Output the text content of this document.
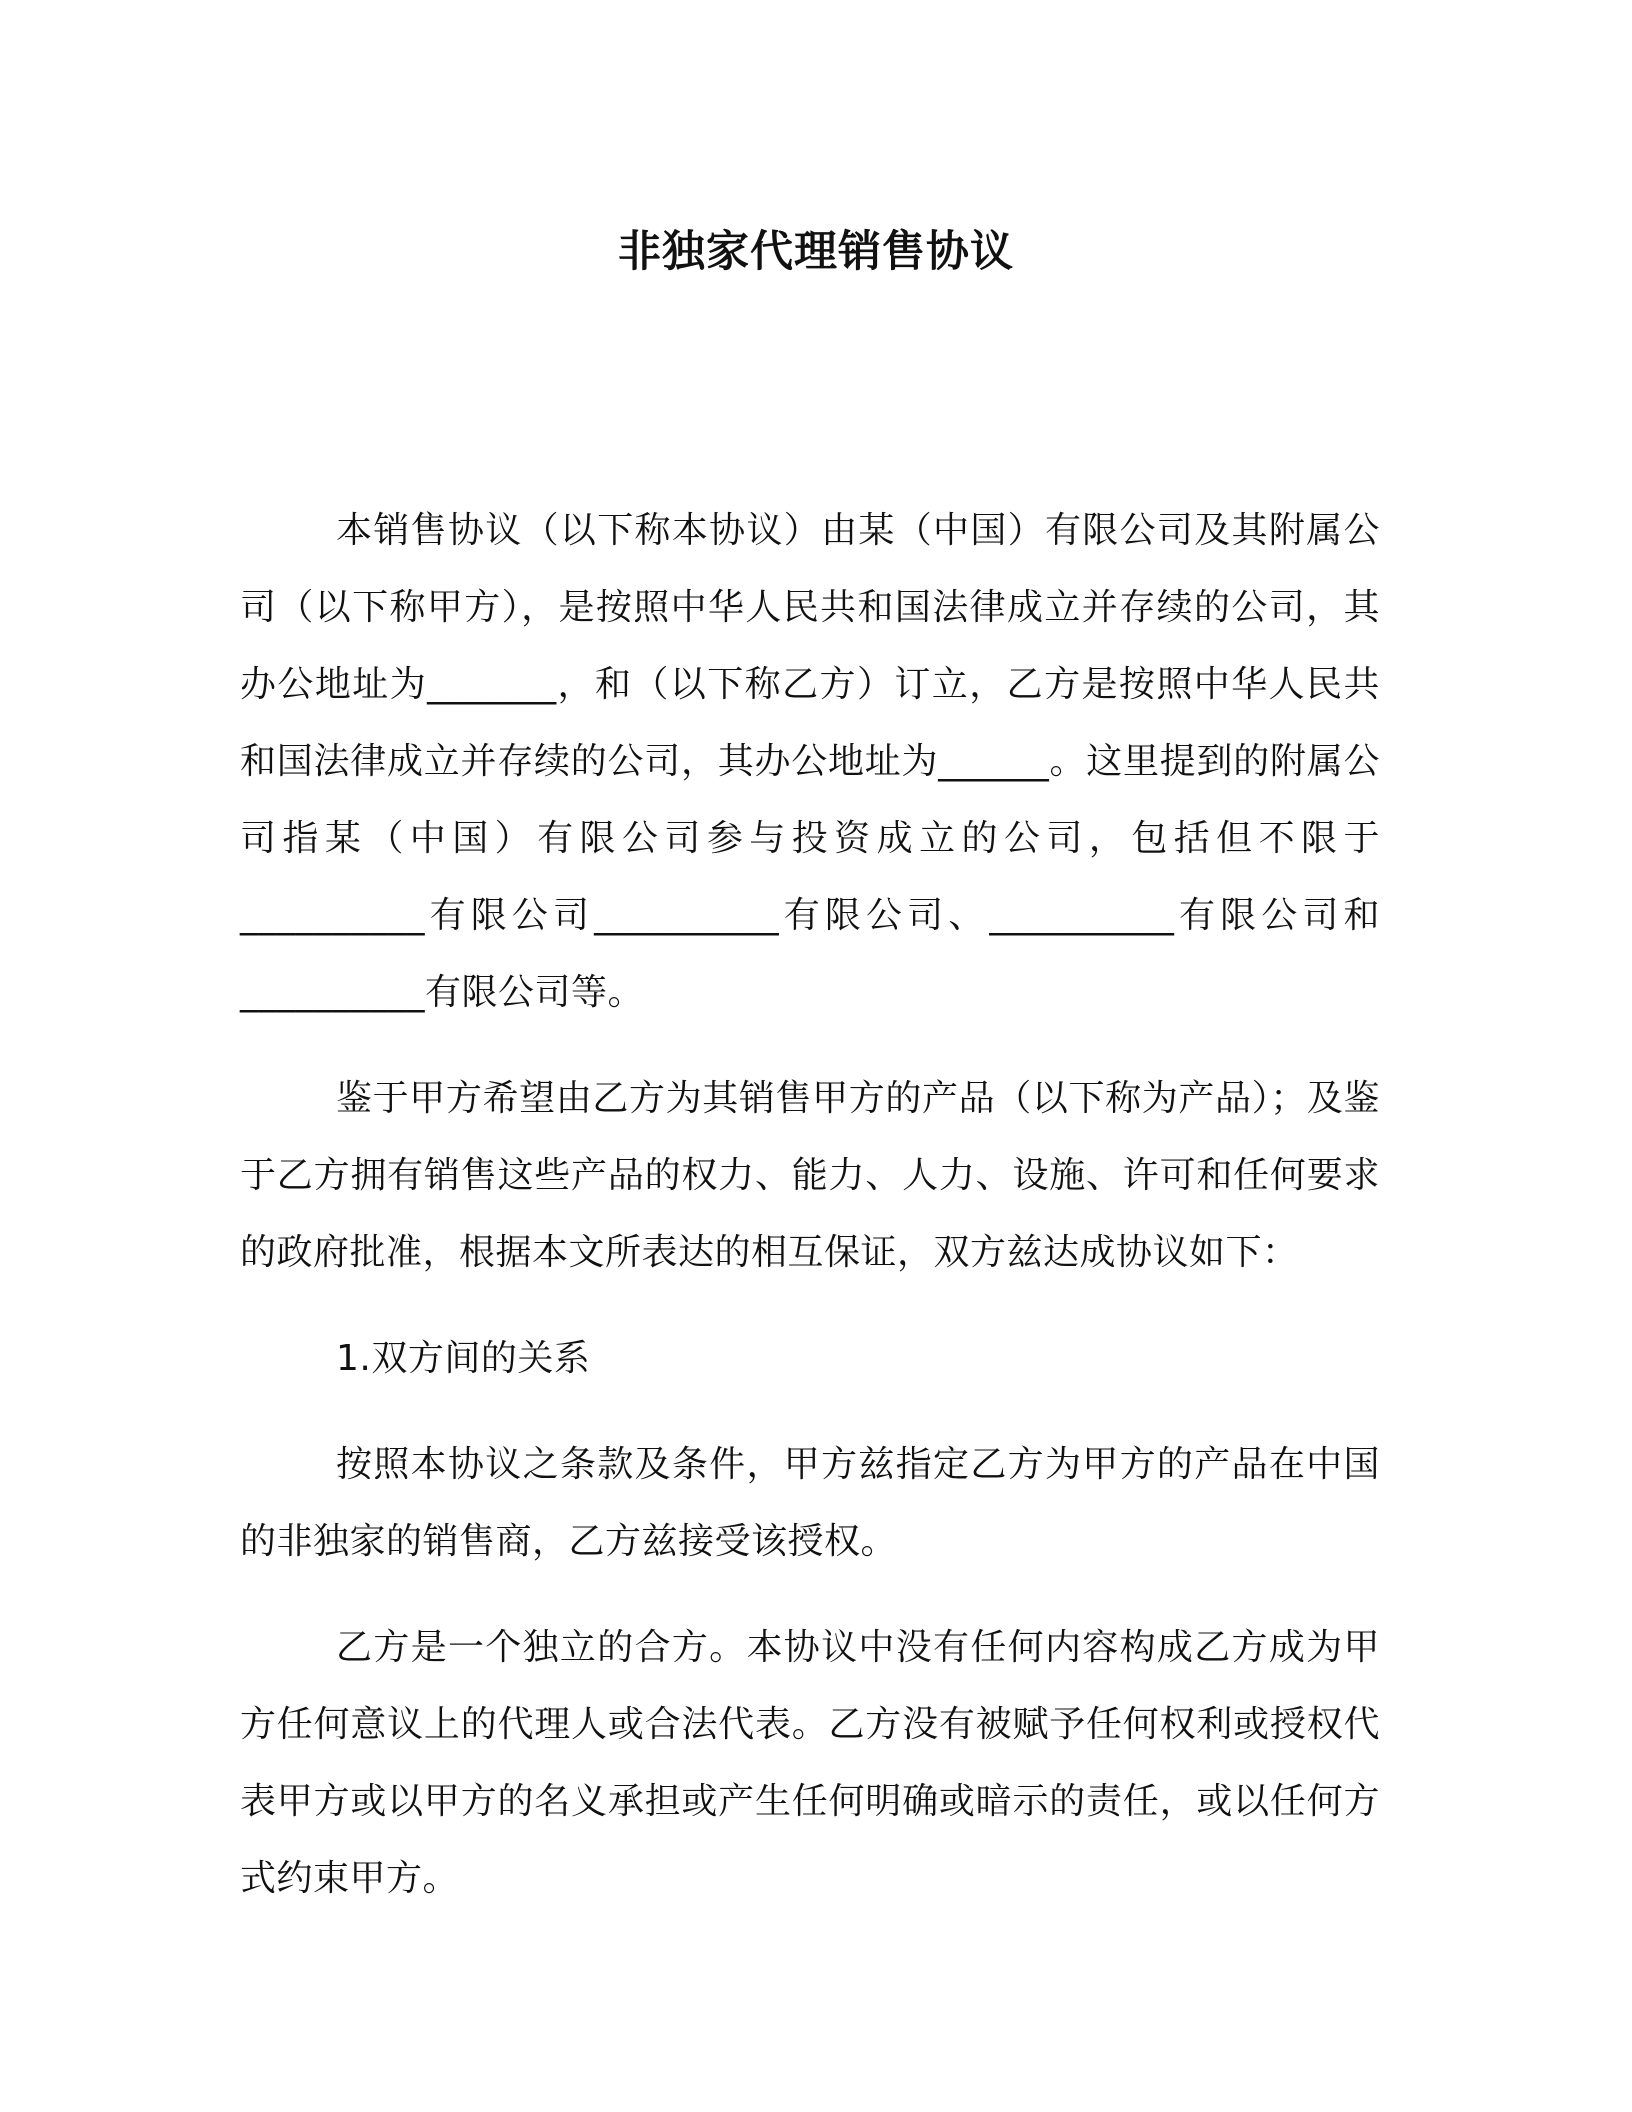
非独家代理销售协议

本销售协议（以下称本协议）由某（中国）有限公司及其附属公司（以下称甲方），是按照中华人民共和国法律成立并存续的公司，其办公地址为_______，和（以下称乙方）订立，乙方是按照中华人民共和国法律成立并存续的公司，其办公地址为______。这里提到的附属公司指某（中国）有限公司参与投资成立的公司，包括但不限于__________有限公司__________有限公司、__________有限公司和__________有限公司等。

鉴于甲方希望由乙方为其销售甲方的产品（以下称为产品）；及鉴于乙方拥有销售这些产品的权力、能力、人力、设施、许可和任何要求的政府批准，根据本文所表达的相互保证，双方兹达成协议如下：

1.双方间的关系

按照本协议之条款及条件，甲方兹指定乙方为甲方的产品在中国的非独家的销售商，乙方兹接受该授权。

乙方是一个独立的合方。本协议中没有任何内容构成乙方成为甲方任何意议上的代理人或合法代表。乙方没有被赋予任何权利或授权代表甲方或以甲方的名义承担或产生任何明确或暗示的责任，或以任何方式约束甲方。
